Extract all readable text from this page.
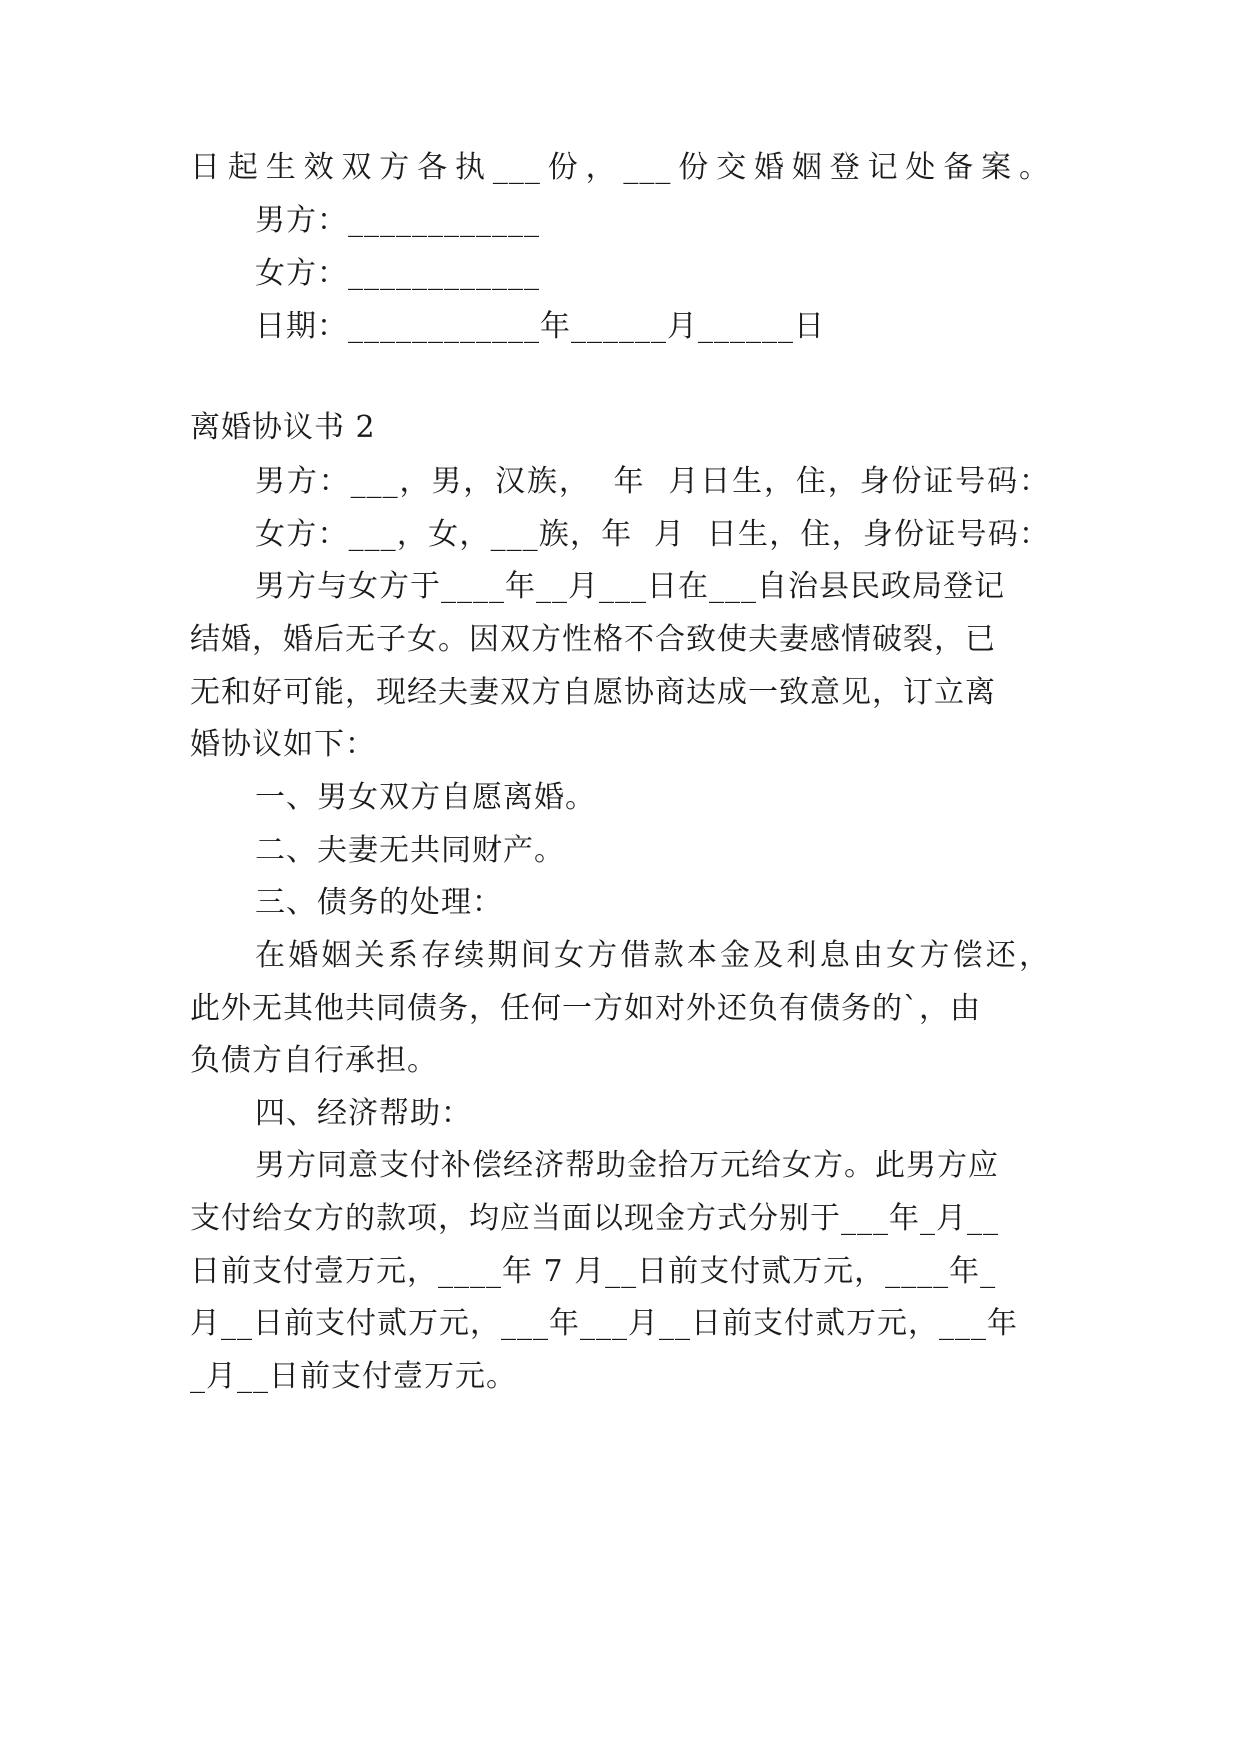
日起生效双方各执___份，___份交婚姻登记处备案。
男方：____________
女方：____________
日期：____________年______月______日
离婚协议书 2
男方：___，男，汉族，  年  月日生，住，身份证号码：
女方：___，女，___族，年  月  日生，住，身份证号码：
男方与女方于____年__月___日在___自治县民政局登记
结婚，婚后无子女。因双方性格不合致使夫妻感情破裂，已
无和好可能，现经夫妻双方自愿协商达成一致意见，订立离
婚协议如下：
一、男女双方自愿离婚。
二、夫妻无共同财产。
三、债务的处理：
在婚姻关系存续期间女方借款本金及利息由女方偿还，
此外无其他共同债务，任何一方如对外还负有债务的`，由
负债方自行承担。
四、经济帮助：
男方同意支付补偿经济帮助金拾万元给女方。此男方应
支付给女方的款项，均应当面以现金方式分别于___年_月__
日前支付壹万元，____年 7 月__日前支付贰万元，____年_
月__日前支付贰万元，___年___月__日前支付贰万元，___年
_月__日前支付壹万元。
